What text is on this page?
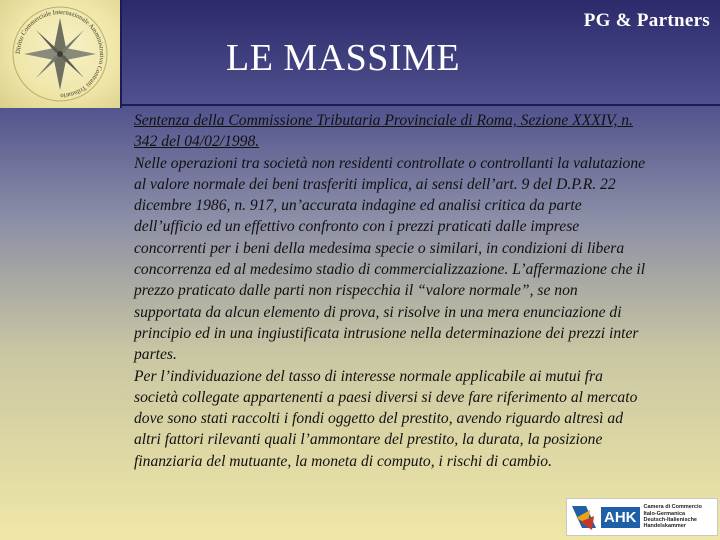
Diritto Commerciale Internazionale Amministrativo Contratti Tributario
PG & Partners
LE MASSIME

Sentenza della Commissione Tributaria Provinciale di Roma, Sezione XXXIV, n. 342 del 04/02/1998.

Nelle operazioni tra società non residenti controllate o controllanti la valutazione al valore normale dei beni trasferiti implica, ai sensi dell’art. 9 del D.P.R. 22 dicembre 1986, n. 917, un’accurata indagine ed analisi critica da parte dell’ufficio ed un effettivo confronto con i prezzi praticati dalle imprese concorrenti per i beni della medesima specie o similari, in condizioni di libera concorrenza ed al medesimo stadio di commercializzazione. L’affermazione che il prezzo praticato dalle parti non rispecchia il “valore normale”, se non supportata da alcun elemento di prova, si risolve in una mera enunciazione di principio ed in una ingiustificata intrusione nella determinazione dei prezzi inter partes.

Per l’individuazione del tasso di interesse normale applicabile ai mutui fra società collegate appartenenti a paesi diversi si deve fare riferimento al mercato dove sono stati raccolti i fondi oggetto del prestito, avendo riguardo altresì ad altri fattori rilevanti quali l’ammontare del prestito, la durata, la posizione finanziaria del mutuante, la moneta di computo, i rischi di cambio.

AHK
Camera di Commercio
Italo-Germanica
Deutsch-Italienische
Handelskammer
